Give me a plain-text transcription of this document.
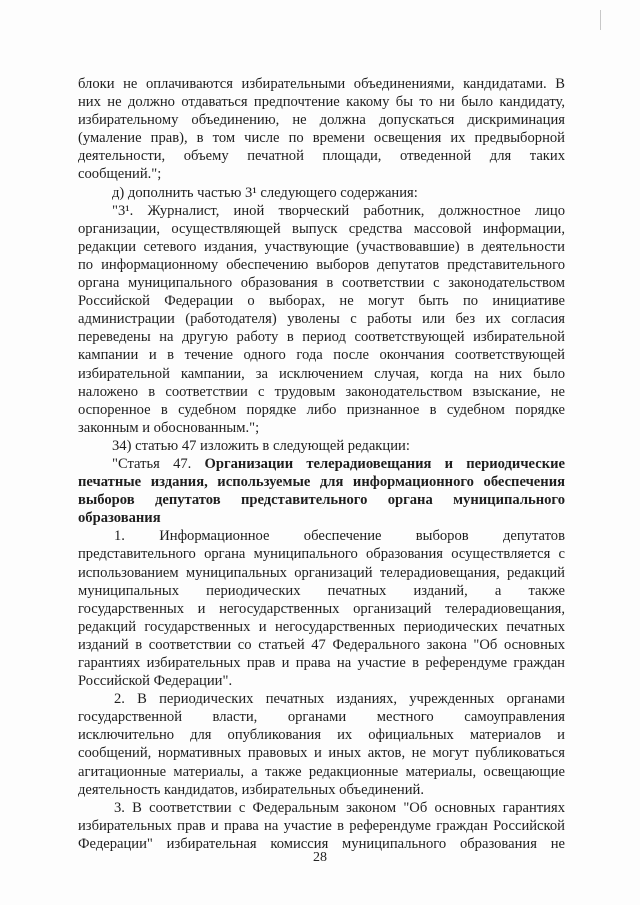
блоки не оплачиваются избирательными объединениями, кандидатами. В
них не должно отдаваться предпочтение какому бы то ни было кандидату,
избирательному объединению, не должна допускаться дискриминация
(умаление прав), в том числе по времени освещения их предвыборной
деятельности, объему печатной площади, отведенной для таких
сообщений.";
д) дополнить частью 3¹ следующего содержания:
"3¹. Журналист, иной творческий работник, должностное лицо
организации, осуществляющей выпуск средства массовой информации,
редакции сетевого издания, участвующие (участвовавшие) в деятельности
по информационному обеспечению выборов депутатов представительного
органа муниципального образования в соответствии с законодательством
Российской Федерации о выборах, не могут быть по инициативе
администрации (работодателя) уволены с работы или без их согласия
переведены на другую работу в период соответствующей избирательной
кампании и в течение одного года после окончания соответствующей
избирательной кампании, за исключением случая, когда на них было
наложено в соответствии с трудовым законодательством взыскание, не
оспоренное в судебном порядке либо признанное в судебном порядке
законным и обоснованным.";
34) статью 47 изложить в следующей редакции:
"Статья 47. Организации телерадиовещания и периодические
печатные издания, используемые для информационного обеспечения
выборов депутатов представительного органа муниципального
образования
1. Информационное обеспечение выборов депутатов
представительного органа муниципального образования осуществляется с
использованием муниципальных организаций телерадиовещания, редакций
муниципальных периодических печатных изданий, а также
государственных и негосударственных организаций телерадиовещания,
редакций государственных и негосударственных периодических печатных
изданий в соответствии со статьей 47 Федерального закона "Об основных
гарантиях избирательных прав и права на участие в референдуме граждан
Российской Федерации".
2. В периодических печатных изданиях, учрежденных органами
государственной власти, органами местного самоуправления
исключительно для опубликования их официальных материалов и
сообщений, нормативных правовых и иных актов, не могут публиковаться
агитационные материалы, а также редакционные материалы, освещающие
деятельность кандидатов, избирательных объединений.
3. В соответствии с Федеральным законом "Об основных гарантиях
избирательных прав и права на участие в референдуме граждан Российской
Федерации" избирательная комиссия муниципального образования не
28
